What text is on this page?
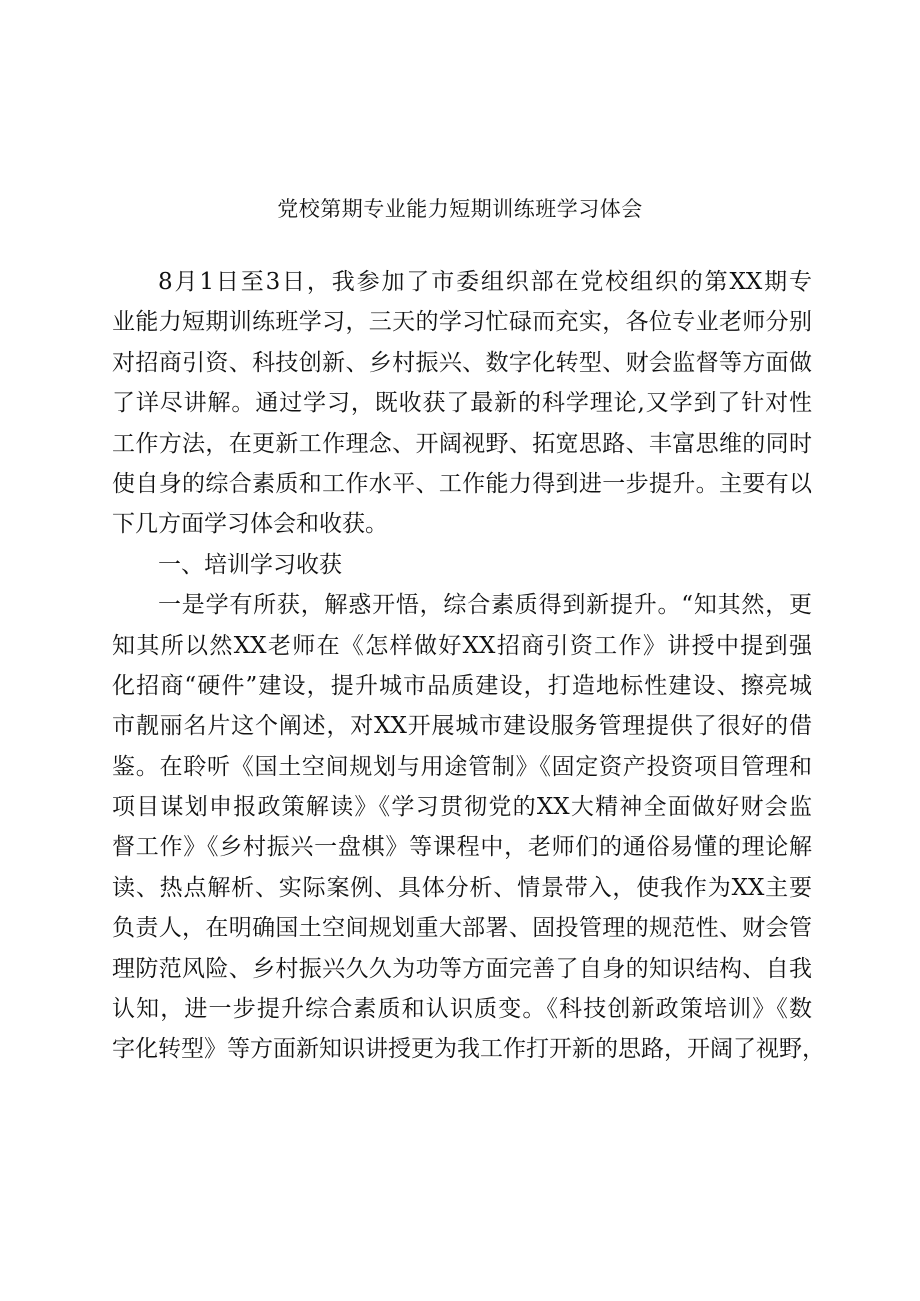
党校第期专业能力短期训练班学习体会
8月1日至3日，我参加了市委组织部在党校组织的第XX期专
业能力短期训练班学习，三天的学习忙碌而充实，各位专业老师分别
对招商引资、科技创新、乡村振兴、数字化转型、财会监督等方面做
了详尽讲解。通过学习，既收获了最新的科学理论,又学到了针对性
工作方法，在更新工作理念、开阔视野、拓宽思路、丰富思维的同时
使自身的综合素质和工作水平、工作能力得到进一步提升。主要有以
下几方面学习体会和收获。
一、培训学习收获
一是学有所获，解惑开悟，综合素质得到新提升。“知其然，更
知其所以然XX老师在《怎样做好XX招商引资工作》讲授中提到强
化招商“硬件”建设，提升城市品质建设，打造地标性建设、擦亮城
市靓丽名片这个阐述，对XX开展城市建设服务管理提供了很好的借
鉴。在聆听《国土空间规划与用途管制》《固定资产投资项目管理和
项目谋划申报政策解读》《学习贯彻党的XX大精神全面做好财会监
督工作》《乡村振兴一盘棋》等课程中，老师们的通俗易懂的理论解
读、热点解析、实际案例、具体分析、情景带入，使我作为XX主要
负责人，在明确国土空间规划重大部署、固投管理的规范性、财会管
理防范风险、乡村振兴久久为功等方面完善了自身的知识结构、自我
认知，进一步提升综合素质和认识质变。《科技创新政策培训》《数
字化转型》等方面新知识讲授更为我工作打开新的思路，开阔了视野，
